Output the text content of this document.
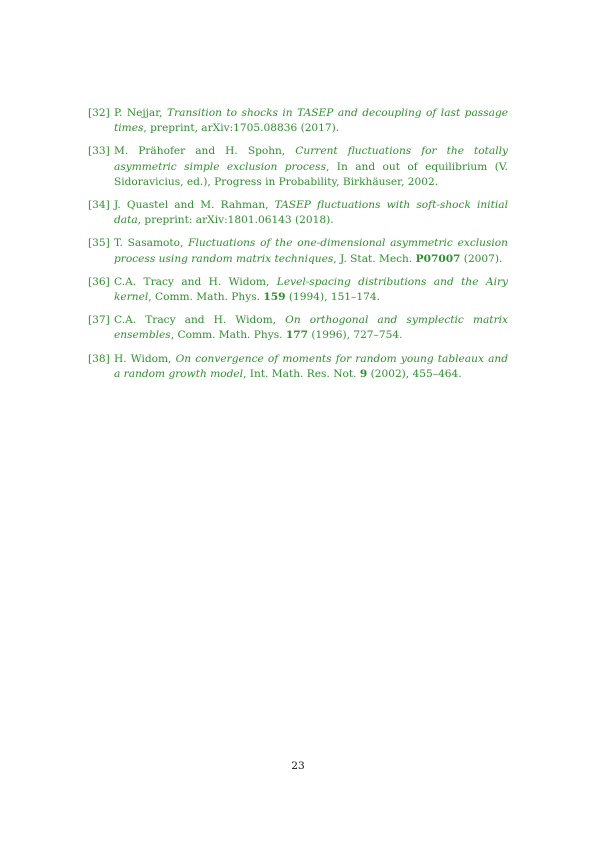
[32] P. Nejjar, Transition to shocks in TASEP and decoupling of last passage times, preprint, arXiv:1705.08836 (2017).
[33] M. Prähofer and H. Spohn, Current fluctuations for the totally asymmetric simple exclusion process, In and out of equilibrium (V. Sidoravicius, ed.), Progress in Probability, Birkhäuser, 2002.
[34] J. Quastel and M. Rahman, TASEP fluctuations with soft-shock initial data, preprint: arXiv:1801.06143 (2018).
[35] T. Sasamoto, Fluctuations of the one-dimensional asymmetric exclusion process using random matrix techniques, J. Stat. Mech. P07007 (2007).
[36] C.A. Tracy and H. Widom, Level-spacing distributions and the Airy kernel, Comm. Math. Phys. 159 (1994), 151–174.
[37] C.A. Tracy and H. Widom, On orthogonal and symplectic matrix ensembles, Comm. Math. Phys. 177 (1996), 727–754.
[38] H. Widom, On convergence of moments for random young tableaux and a random growth model, Int. Math. Res. Not. 9 (2002), 455–464.
23
